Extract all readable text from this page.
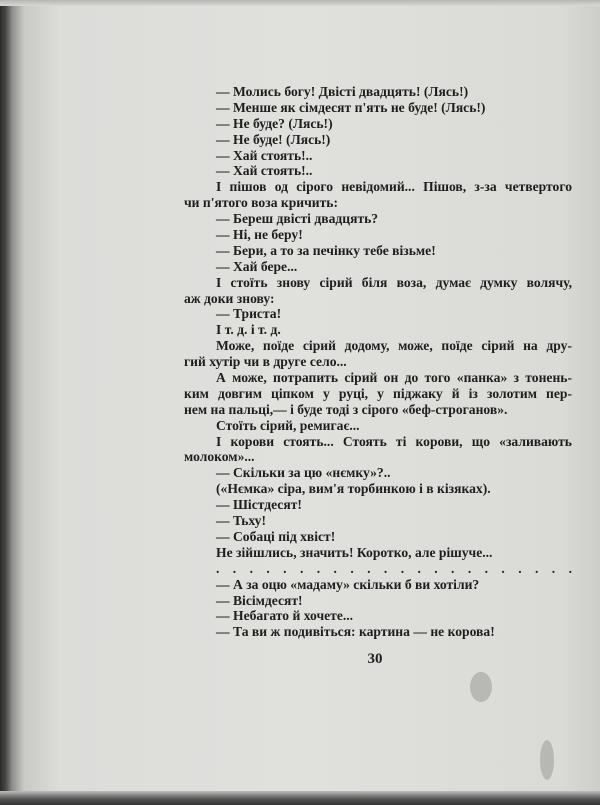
— Молись богу! Двісті двадцять! (Лясь!)
— Менше як сімдесят п'ять не буде! (Лясь!)
— Не буде? (Лясь!)
— Не буде! (Лясь!)
— Хай стоять!..
— Хай стоять!..
І пішов од сірого невідомий... Пішов, з-за четвертого
чи п'ятого воза кричить:
— Береш двісті двадцять?
— Ні, не беру!
— Бери, а то за печінку тебе візьме!
— Хай бере...
І стоїть знову сірий біля воза, думає думку волячу,
аж доки знову:
— Триста!
І т. д. і т. д.
Може, поїде сірий додому, може, поїде сірий на дру-
гий хутір чи в друге село...
А може, потрапить сірий он до того «панка» з тонень-
ким довгим ціпком у руці, у піджаку й із золотим пер-
нем на пальці,— і буде тоді з сірого «беф-строганов».
Стоїть сірий, ремигає...
І корови стоять... Стоять ті корови, що «заливають
молоком»...
— Скільки за цю «нємку»?..
(«Нємка» сіра, вим'я торбинкою і в кізяках).
— Шістдесят!
— Тьху!
— Собаці під хвіст!
Не зійшлись, значить! Коротко, але рішуче...
. . . . . . . . . . . . . . . . . . . . . .
— А за оцю «мадаму» скільки б ви хотіли?
— Вісімдесят!
— Небагато й хочете...
— Та ви ж подивіться: картина — не корова!
30
